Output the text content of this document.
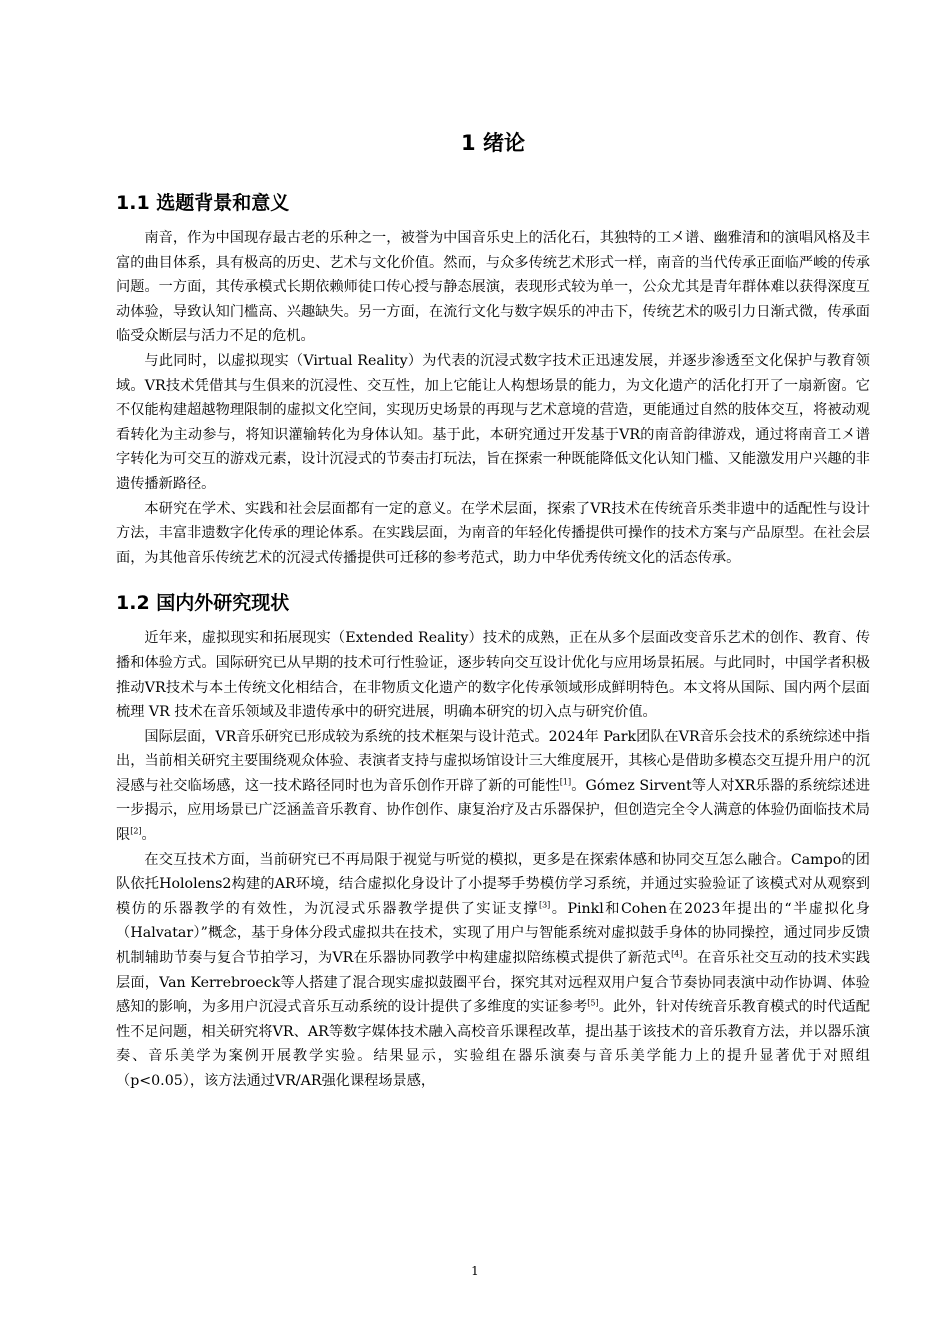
1 绪论
1.1 选题背景和意义

南音，作为中国现存最古老的乐种之一，被誉为中国音乐史上的活化石，其独特的工㐅谱、幽雅清和的演唱风格及丰富的曲目体系，具有极高的历史、艺术与文化价值。然而，与众多传统艺术形式一样，南音的当代传承正面临严峻的传承问题。一方面，其传承模式长期依赖师徒口传心授与静态展演，表现形式较为单一，公众尤其是青年群体难以获得深度互动体验，导致认知门槛高、兴趣缺失。另一方面，在流行文化与数字娱乐的冲击下，传统艺术的吸引力日渐式微，传承面临受众断层与活力不足的危机。

与此同时，以虚拟现实（Virtual Reality）为代表的沉浸式数字技术正迅速发展，并逐步渗透至文化保护与教育领域。VR技术凭借其与生俱来的沉浸性、交互性，加上它能让人构想场景的能力，为文化遗产的活化打开了一扇新窗。它不仅能构建超越物理限制的虚拟文化空间，实现历史场景的再现与艺术意境的营造，更能通过自然的肢体交互，将被动观看转化为主动参与，将知识灌输转化为身体认知。基于此，本研究通过开发基于VR的南音韵律游戏，通过将南音工㐅谱字转化为可交互的游戏元素，设计沉浸式的节奏击打玩法，旨在探索一种既能降低文化认知门槛、又能激发用户兴趣的非遗传播新路径。

本研究在学术、实践和社会层面都有一定的意义。在学术层面，探索了VR技术在传统音乐类非遗中的适配性与设计方法，丰富非遗数字化传承的理论体系。在实践层面，为南音的年轻化传播提供可操作的技术方案与产品原型。在社会层面，为其他音乐传统艺术的沉浸式传播提供可迁移的参考范式，助力中华优秀传统文化的活态传承。

1.2 国内外研究现状

近年来，虚拟现实和拓展现实（Extended Reality）技术的成熟，正在从多个层面改变音乐艺术的创作、教育、传播和体验方式。国际研究已从早期的技术可行性验证，逐步转向交互设计优化与应用场景拓展。与此同时，中国学者积极推动VR技术与本土传统文化相结合，在非物质文化遗产的数字化传承领域形成鲜明特色。本文将从国际、国内两个层面梳理 VR 技术在音乐领域及非遗传承中的研究进展，明确本研究的切入点与研究价值。

国际层面，VR音乐研究已形成较为系统的技术框架与设计范式。2024年 Park团队在VR音乐会技术的系统综述中指出，当前相关研究主要围绕观众体验、表演者支持与虚拟场馆设计三大维度展开，其核心是借助多模态交互提升用户的沉浸感与社交临场感，这一技术路径同时也为音乐创作开辟了新的可能性[1]。Gómez Sirvent等人对XR乐器的系统综述进一步揭示，应用场景已广泛涵盖音乐教育、协作创作、康复治疗及古乐器保护，但创造完全令人满意的体验仍面临技术局限[2]。

在交互技术方面，当前研究已不再局限于视觉与听觉的模拟，更多是在探索体感和协同交互怎么融合。Campo的团队依托Hololens2构建的AR环境，结合虚拟化身设计了小提琴手势模仿学习系统，并通过实验验证了该模式对从观察到模仿的乐器教学的有效性，为沉浸式乐器教学提供了实证支撑[3]。Pinkl和Cohen在2023年提出的“半虚拟化身（Halvatar）”概念，基于身体分段式虚拟共在技术，实现了用户与智能系统对虚拟鼓手身体的协同操控，通过同步反馈机制辅助节奏与复合节拍学习，为VR在乐器协同教学中构建虚拟陪练模式提供了新范式[4]。在音乐社交互动的技术实践层面，Van Kerrebroeck等人搭建了混合现实虚拟鼓圈平台，探究其对远程双用户复合节奏协同表演中动作协调、体验感知的影响，为多用户沉浸式音乐互动系统的设计提供了多维度的实证参考[5]。此外，针对传统音乐教育模式的时代适配性不足问题，相关研究将VR、AR等数字媒体技术融入高校音乐课程改革，提出基于该技术的音乐教育方法，并以器乐演奏、音乐美学为案例开展教学实验。结果显示，实验组在器乐演奏与音乐美学能力上的提升显著优于对照组（p<0.05），该方法通过VR/AR强化课程场景感，

1
